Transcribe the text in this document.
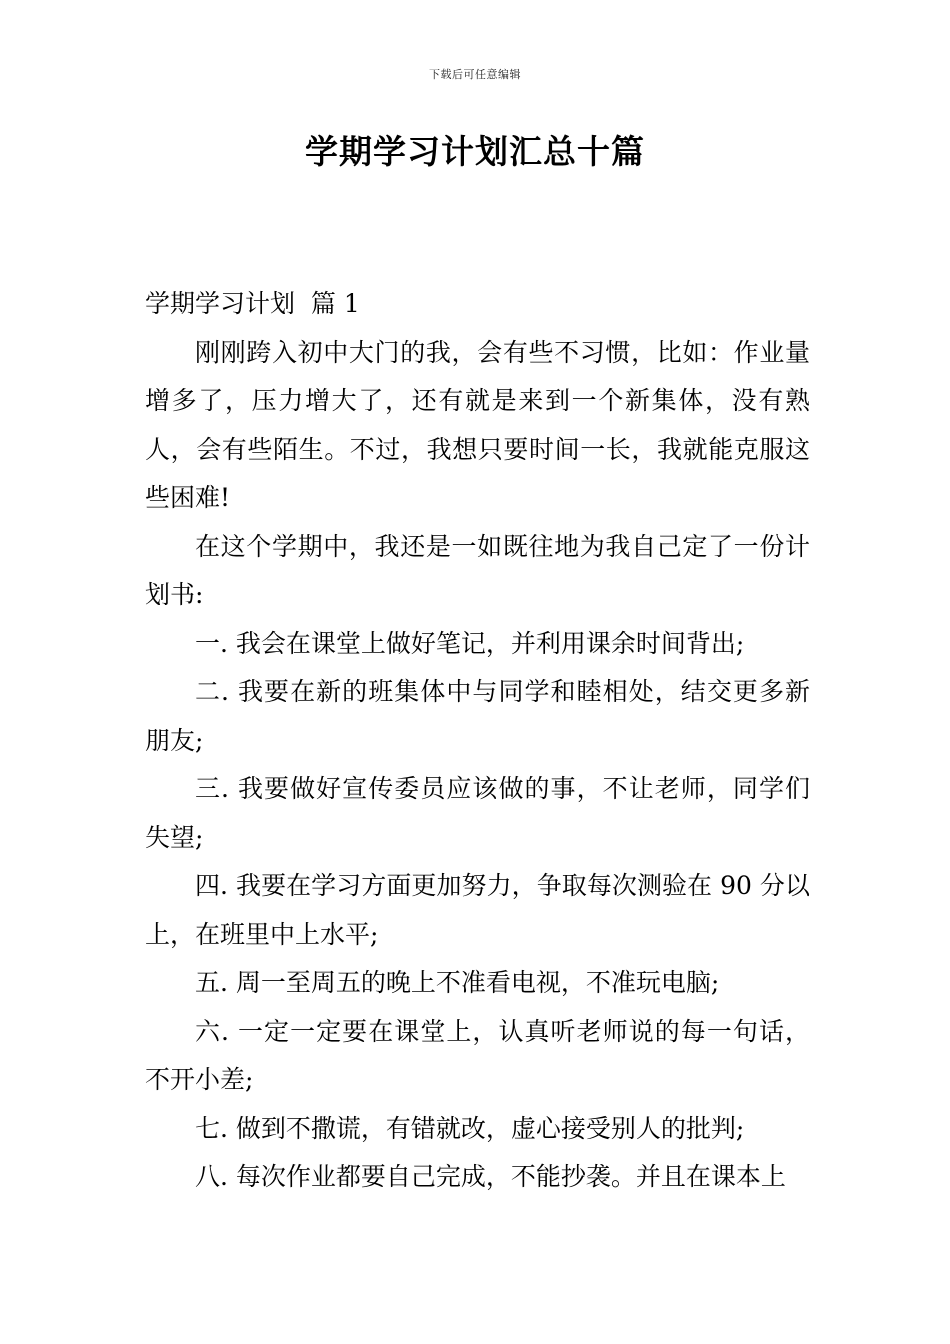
下载后可任意编辑
学期学习计划汇总十篇

学期学习计划  篇 1

刚刚跨入初中大门的我，会有些不习惯，比如：作业量增多了，压力增大了，还有就是来到一个新集体，没有熟人，会有些陌生。不过，我想只要时间一长，我就能克服这些困难!

在这个学期中，我还是一如既往地为我自己定了一份计划书:

一. 我会在课堂上做好笔记，并利用课余时间背出;

二. 我要在新的班集体中与同学和睦相处，结交更多新朋友;

三. 我要做好宣传委员应该做的事，不让老师，同学们失望;

四. 我要在学习方面更加努力，争取每次测验在 90 分以上，在班里中上水平;

五. 周一至周五的晚上不准看电视，不准玩电脑;

六. 一定一定要在课堂上，认真听老师说的每一句话，不开小差;

七. 做到不撒谎，有错就改，虚心接受别人的批判;

八. 每次作业都要自己完成，不能抄袭。并且在课本上
